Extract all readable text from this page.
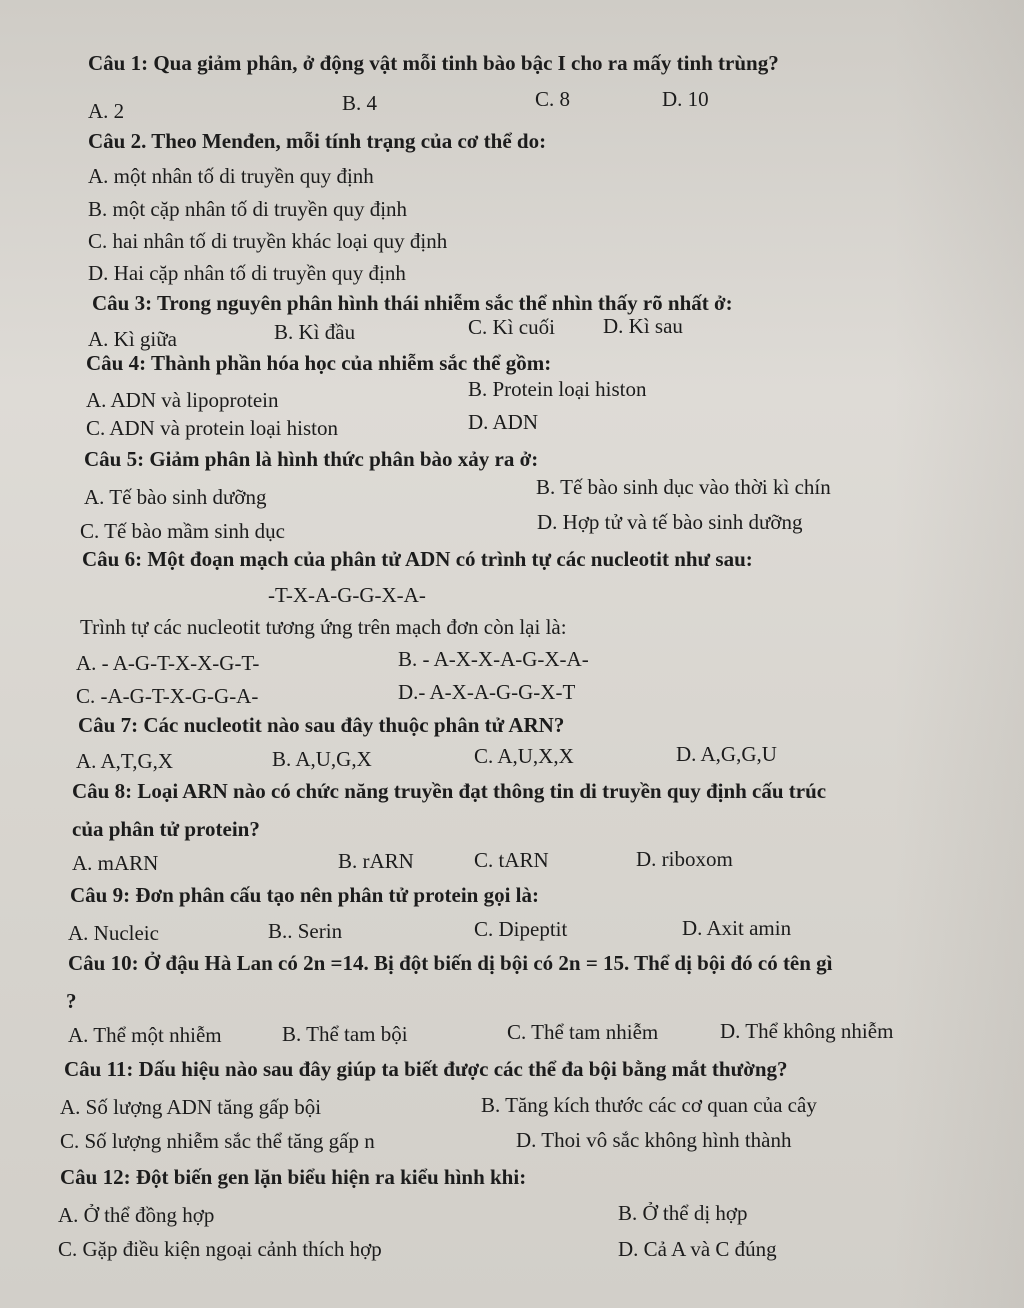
Câu 1: Qua giảm phân, ở động vật mỗi tinh bào bậc I cho ra mấy tinh trùng?
A. 2	B. 4	C. 8	D. 10
Câu 2. Theo Menđen, mỗi tính trạng của cơ thể do:
A. một nhân tố di truyền quy định
B. một cặp nhân tố di truyền quy định
C. hai nhân tố di truyền khác loại quy định
D. Hai cặp nhân tố di truyền quy định
Câu 3: Trong nguyên phân hình thái nhiễm sắc thể nhìn thấy rõ nhất ở:
A. Kì giữa	B. Kì đầu	C. Kì cuối D. Kì sau
Câu 4: Thành phần hóa học của nhiễm sắc thể gồm:
A. ADN và lipoprotein	B. Protein loại histon
C. ADN và protein loại histon	D. ADN
Câu 5: Giảm phân là hình thức phân bào xảy ra ở:
A. Tế bào sinh dưỡng	B. Tế bào sinh dục vào thời kì chín
C. Tế bào mầm sinh dục	D. Hợp tử và tế bào sinh dưỡng
Câu 6: Một đoạn mạch của phân tử ADN có trình tự các nucleotit như sau:
-T-X-A-G-G-X-A-
Trình tự các nucleotit tương ứng trên mạch đơn còn lại là:
A. - A-G-T-X-X-G-T-	B. - A-X-X-A-G-X-A-
C. -A-G-T-X-G-G-A-	D.- A-X-A-G-G-X-T
Câu 7: Các nucleotit nào sau đây thuộc phân tử ARN?
A. A,T,G,X	B. A,U,G,X	C. A,U,X,X	D. A,G,G,U
Câu 8: Loại ARN nào có chức năng truyền đạt thông tin di truyền quy định cấu trúc
của phân tử protein?
A. mARN	B. rARN	C. tARN	D. riboxom
Câu 9: Đơn phân cấu tạo nên phân tử protein gọi là:
A. Nucleic	B.. Serin	C. Dipeptit	D. Axit amin
Câu 10: Ở đậu Hà Lan có 2n =14. Bị đột biến dị bội có 2n = 15. Thể dị bội đó có tên gì
?
A. Thể một nhiễm	B. Thể tam bội	C. Thể tam nhiễm	D. Thể không nhiễm
Câu 11: Dấu hiệu nào sau đây giúp ta biết được các thể đa bội bằng mắt thường?
A. Số lượng ADN tăng gấp bội	B. Tăng kích thước các cơ quan của cây
C. Số lượng nhiễm sắc thể tăng gấp n	D. Thoi vô sắc không hình thành
Câu 12: Đột biến gen lặn biểu hiện ra kiểu hình khi:
A. Ở thể đồng hợp	B. Ở thể dị hợp
C. Gặp điều kiện ngoại cảnh thích hợp	D. Cả A và C đúng
